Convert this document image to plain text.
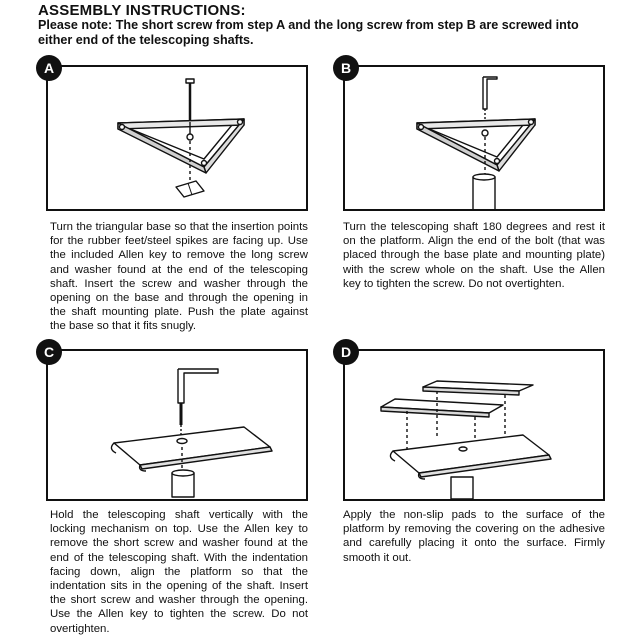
ASSEMBLY INSTRUCTIONS:
Please note: The short screw from step A and the long screw from step B are screwed into either end of the telescoping shafts.
A	B
Turn the triangular base so that the insertion points for the rubber feet/steel spikes are facing up. Use the included Allen key to remove the long screw and washer found at the end of the telescoping shaft. Insert the screw and washer through the opening on the base and through the opening in the shaft mounting plate. Push the plate against the base so that it fits snugly.
Turn the telescoping shaft 180 degrees and rest it on the platform. Align the end of the bolt (that was placed through the base plate and mounting plate) with the screw whole on the shaft. Use the Allen key to tighten the screw. Do not overtighten.
C	D
Hold the telescoping shaft vertically with the locking mechanism on top. Use the Allen key to remove the short screw and washer found at the end of the telescoping shaft. With the indentation facing down, align the platform so that the indentation sits in the opening of the shaft. Insert the short screw and washer through the opening. Use the Allen key to tighten the screw. Do not overtighten.
Apply the non-slip pads to the surface of the platform by removing the covering on the adhesive and carefully placing it onto the surface. Firmly smooth it out.
